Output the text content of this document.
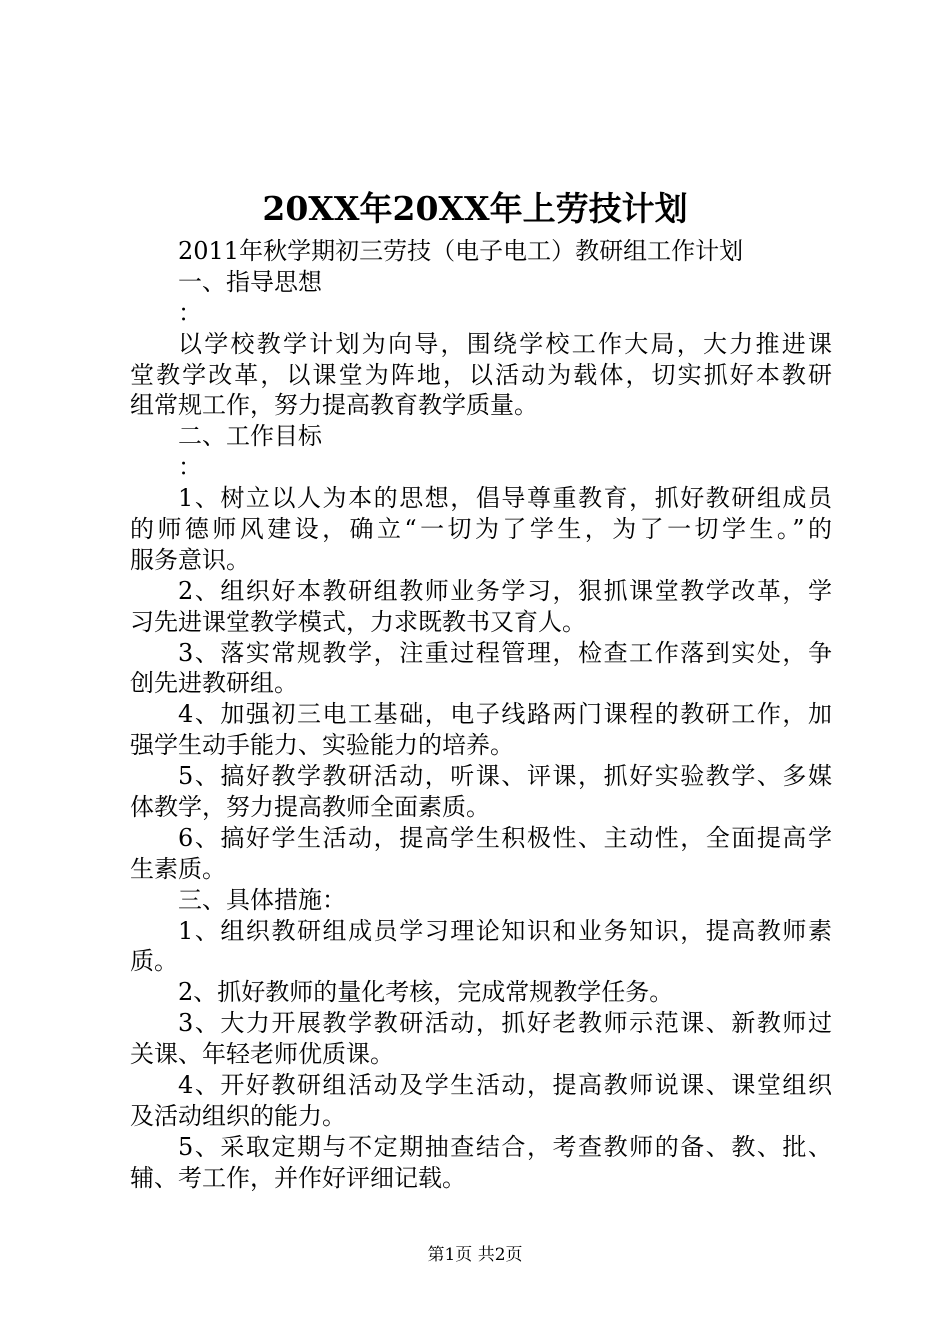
20XX年20XX年上劳技计划

2011年秋学期初三劳技（电子电工）教研组工作计划

一、指导思想

：

以学校教学计划为向导，围绕学校工作大局，大力推进课

堂教学改革，以课堂为阵地，以活动为载体，切实抓好本教研

组常规工作，努力提高教育教学质量。

二、工作目标

：

1、树立以人为本的思想，倡导尊重教育，抓好教研组成员

的师德师风建设，确立“一切为了学生，为了一切学生。”的

服务意识。

2、组织好本教研组教师业务学习，狠抓课堂教学改革，学

习先进课堂教学模式，力求既教书又育人。

3、落实常规教学，注重过程管理，检查工作落到实处，争

创先进教研组。

4、加强初三电工基础，电子线路两门课程的教研工作，加

强学生动手能力、实验能力的培养。

5、搞好教学教研活动，听课、评课，抓好实验教学、多媒

体教学，努力提高教师全面素质。

6、搞好学生活动，提高学生积极性、主动性，全面提高学

生素质。

三、具体措施：

1、组织教研组成员学习理论知识和业务知识，提高教师素

质。

2、抓好教师的量化考核，完成常规教学任务。

3、大力开展教学教研活动，抓好老教师示范课、新教师过

关课、年轻老师优质课。

4、开好教研组活动及学生活动，提高教师说课、课堂组织

及活动组织的能力。

5、采取定期与不定期抽查结合，考查教师的备、教、批、

辅、考工作，并作好评细记载。

第1页 共2页
